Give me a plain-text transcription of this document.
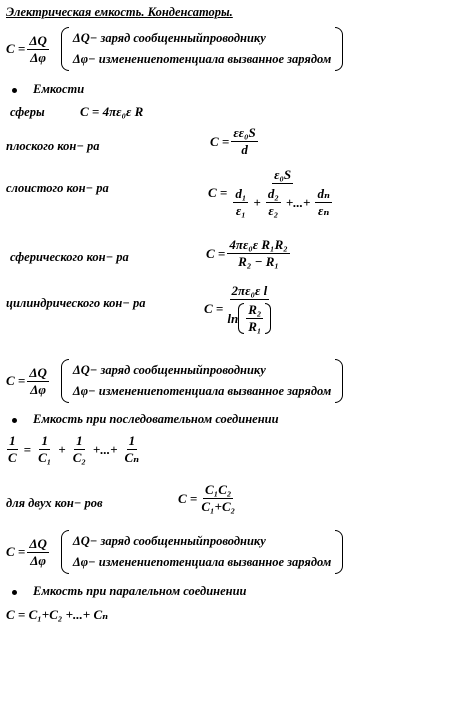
Электрическая емкость. Конденсаторы.
$C = \frac{\Delta Q}{\Delta\varphi} \Delta Q-$ заряд сообщенныйпроводнику
Δφ− изменениепотенциала вызванное зарядом
Емкости
сферы	C = 4πε₀ε R
плоского кон− ра	$C = \frac{\text{εε₀S}}{d}$
слоистого кон− ра	C =
ε₀S
$\frac{\text{d₁}}{\text{ε₁}} + \frac{\text{d₂}}{\text{ε₂}}$ +...+ $\frac{\text{dₙ}}{\text{εₙ}}$
сферического кон− ра	$C = \frac{\text{4πε₀ε R₁R₂}}{\text{R₂ − R₁}}$
цилиндрического кон− ра	$C = \frac{\text{2πε₀ε l}}{\ln \frac{\text{R₂}}{\text{R₁}}}$
$C = \frac{\Delta Q}{\Delta\varphi} \Delta Q-$ заряд сообщенныйпроводнику
Δφ− изменениепотенциала вызванное зарядом
Емкость при последовательном соединении
$\frac{1}{C} = \frac{1}{\text{C₁}} + \frac{1}{\text{C₂}}$ +...+ $\frac{1}{\text{Cₙ}}$
для двух кон− ров	$C = \frac{\text{C₁C₂}}{\text{C₁+C₂}}$
$C = \frac{\Delta Q}{\Delta\varphi} \Delta Q-$ заряд сообщенныйпроводнику
Δφ− изменениепотенциала вызванное зарядом
Емкость при паралельном соединении
C = C₁+C₂ +...+ Cₙ
